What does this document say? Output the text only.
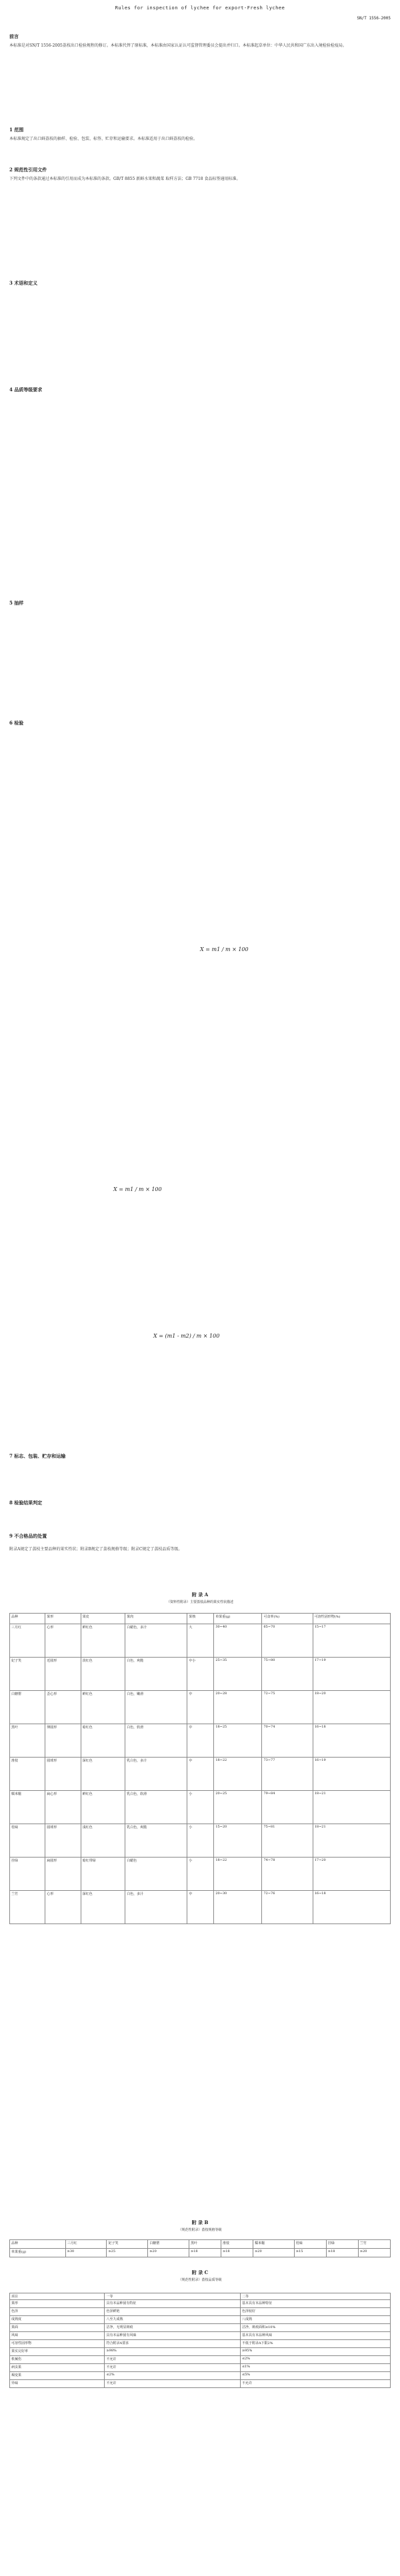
Rules for inspection of lychee for export-Fresh lychee
SN/T 1556-2005
前言
本标准是对SN/T 1556-2005荔枝出口检验规程的修订。本标准代替了原标准，本标准由国家认证认可监督管理委员会提出并归口。本标准起草单位：中华人民共和国广东出入境检验检疫局。
1 范围
本标准规定了出口鲜荔枝的抽样、检验、包装、标签、贮存和运输要求。本标准适用于出口鲜荔枝的检验。
2 规范性引用文件
下列文件中的条款通过本标准的引用而成为本标准的条款。GB/T 8855 新鲜水果和蔬菜 取样方法；GB 7718 食品标签通用标准。
3 术语和定义
4 品质等级要求
5 抽样
6 检验
X = m1 / m × 100
X = m1 / m × 100
X = (m1 - m2) / m × 100
7 标志、包装、贮存和运输
8 检验结果判定
9 不合格品的处置
附录A规定了荔枝主要品种的果实性状；附录B规定了荔枝规格等级；附录C规定了荔枝品质等级。
附 录 A
（资料性附录）主要荔枝品种的果实性状描述
品种	果形	果皮	果肉	果核	单果重(g)	可食率(%)	可溶性固形物(%)
三月红	心形	鲜红色	白蜡色，多汁	大	30~40	65~70	15~17
妃子笑	近圆形	淡红色	白色，爽脆	中小	25~35	75~80	17~19
白糖罂	歪心形	鲜红色	白色，嫩滑	中	20~28	72~75	18~20
黑叶	卵圆形	暗红色	白色，软滑	中	18~25	70~74	16~18
淮枝	圆球形	深红色	乳白色，多汁	中	18~22	73~77	16~19
糯米糍	扁心形	鲜红色	乳白色，软滑	小	20~25	79~84	18~21
桂味	圆球形	浅红色	乳白色，爽脆	小	15~20	75~81	18~21
挂绿	扁圆形	暗红带绿	白蜡色	小	18~22	74~78	17~20
兰竹	心形	深红色	白色，多汁	中	20~30	72~76	16~18
附 录 B
（规范性附录）荔枝规格等级
品种	三月红	妃子笑	白糖罂	黑叶	淮枝	糯米糍	桂味	挂绿	兰竹
单果重(g)	≥30	≥25	≥20	≥18	≥18	≥20	≥15	≥18	≥20
附 录 C
（规范性附录）荔枝品质等级
项目	一等	二等
果形	具有本品种固有特征	基本具有本品种特征
色泽	色泽鲜艳	色泽较好
成熟度	八至九成熟	八成熟
果面	洁净，无明显斑痕	洁净，斑痕面积≤10%
风味	具有本品种固有风味	基本具有本品种风味
可溶性固形物	符合附录A要求	不低于附录A下限2%
果实完好率	≥98%	≥95%
机械伤	不允许	≤2%
病虫果	不允许	≤1%
褐变果	≤2%	≤5%
异味	不允许	不允许
